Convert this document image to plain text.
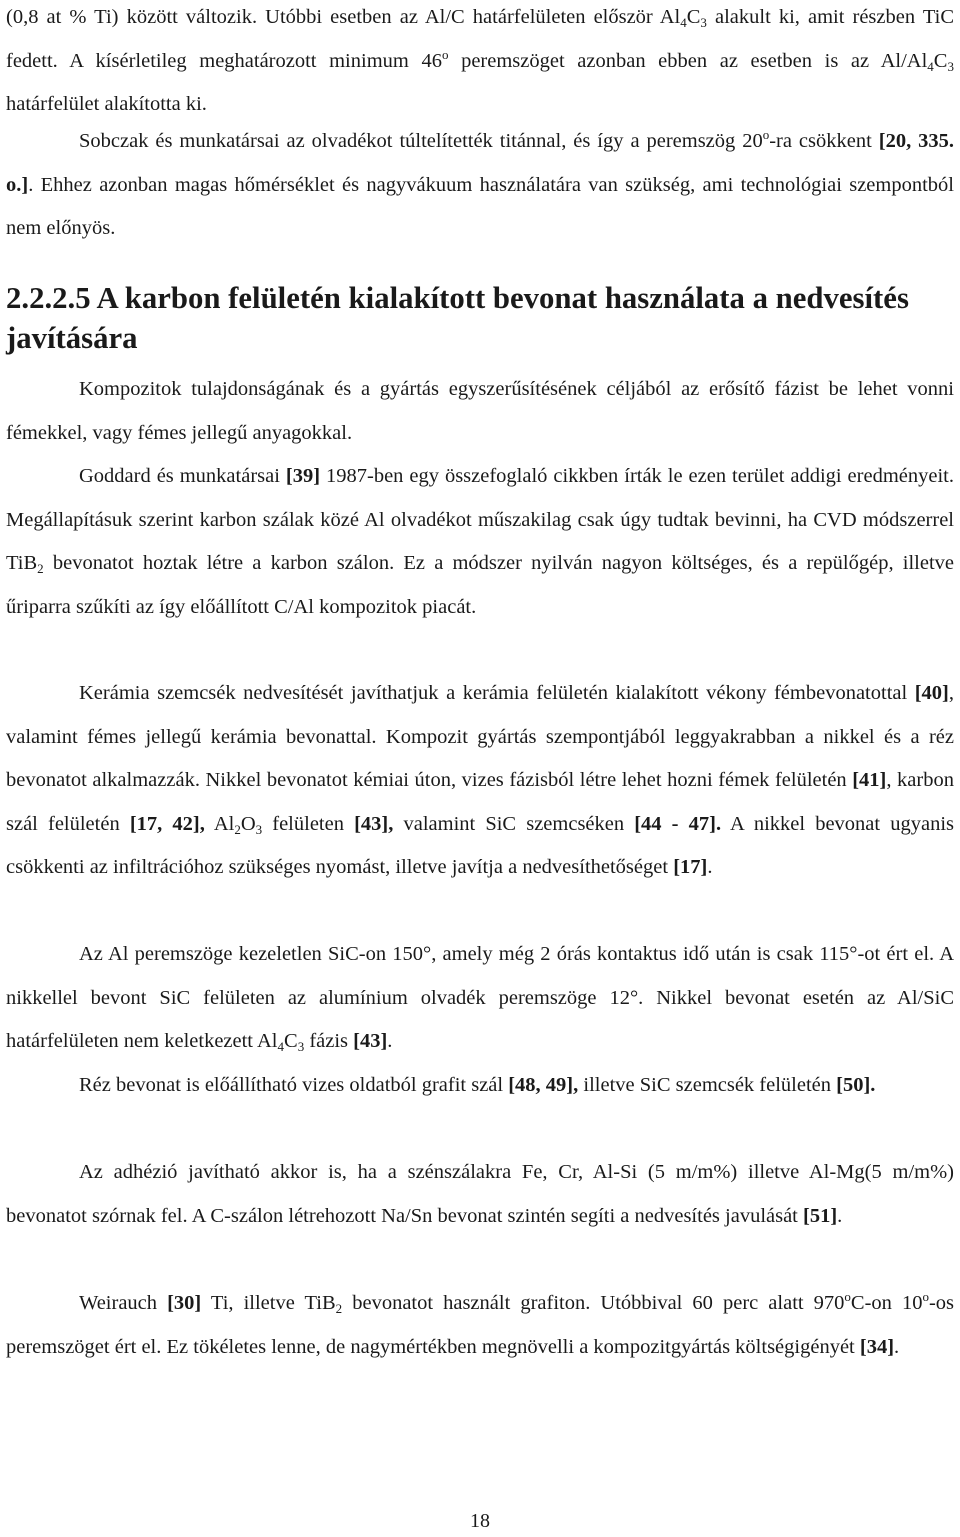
(0,8 at % Ti) között változik. Utóbbi esetben az Al/C határfelületen először $Al_4C_3$ alakult ki, amit részben TiC fedett. A kísérletileg meghatározott minimum 46$^o$ peremszöget azonban ebben az esetben is az $Al/Al_4C_3$ határfelület alakította ki.

Sobczak és munkatársai az olvadékot túltelítették titánnal, és így a peremszög 20$^o$-ra csökkent [20, 335. o.]. Ehhez azonban magas hőmérséklet és nagyvákuum használatára van szükség, ami technológiai szempontból nem előnyös.

2.2.2.5 A karbon felületén kialakított bevonat használata a nedvesítés javítására

Kompozitok tulajdonságának és a gyártás egyszerűsítésének céljából az erősítő fázist be lehet vonni fémekkel, vagy fémes jellegű anyagokkal.

Goddard és munkatársai [39] 1987-ben egy összefoglaló cikkben írták le ezen terület addigi eredményeit. Megállapításuk szerint karbon szálak közé Al olvadékot műszakilag csak úgy tudtak bevinni, ha CVD módszerrel TiB$_2$ bevonatot hoztak létre a karbon szálon. Ez a módszer nyilván nagyon költséges, és a repülőgép, illetve űriparra szűkíti az így előállított C/Al kompozitok piacát.

Kerámia szemcsék nedvesítését javíthatjuk a kerámia felületén kialakított vékony fémbevonatottal [40], valamint fémes jellegű kerámia bevonattal. Kompozit gyártás szempontjából leggyakrabban a nikkel és a réz bevonatot alkalmazzák. Nikkel bevonatot kémiai úton, vizes fázisból létre lehet hozni fémek felületén [41], karbon szál felületén [17, 42], $Al_2O_3$ felületen [43], valamint SiC szemcséken [44 - 47]. A nikkel bevonat ugyanis csökkenti az infiltrációhoz szükséges nyomást, illetve javítja a nedvesíthetőséget [17].

Az Al peremszöge kezeletlen SiC-on 150°, amely még 2 órás kontaktus idő után is csak 115°-ot ért el. A nikkellel bevont SiC felületen az alumínium olvadék peremszöge 12°. Nikkel bevonat esetén az Al/SiC határfelületen nem keletkezett $Al_4C_3$ fázis [43].

Réz bevonat is előállítható vizes oldatból grafit szál [48, 49], illetve SiC szemcsék felületén [50].

Az adhézió javítható akkor is, ha a szénszálakra Fe, Cr, Al-Si (5 m/m%) illetve Al-Mg(5 m/m%) bevonatot szórnak fel. A C-szálon létrehozott Na/Sn bevonat szintén segíti a nedvesítés javulását [51].

Weirauch [30] Ti, illetve TiB$_2$ bevonatot használt grafiton. Utóbbival 60 perc alatt 970$^o$C-on 10$^o$-os peremszöget ért el. Ez tökéletes lenne, de nagymértékben megnövelli a kompozitgyártás költségigényét [34].

18
